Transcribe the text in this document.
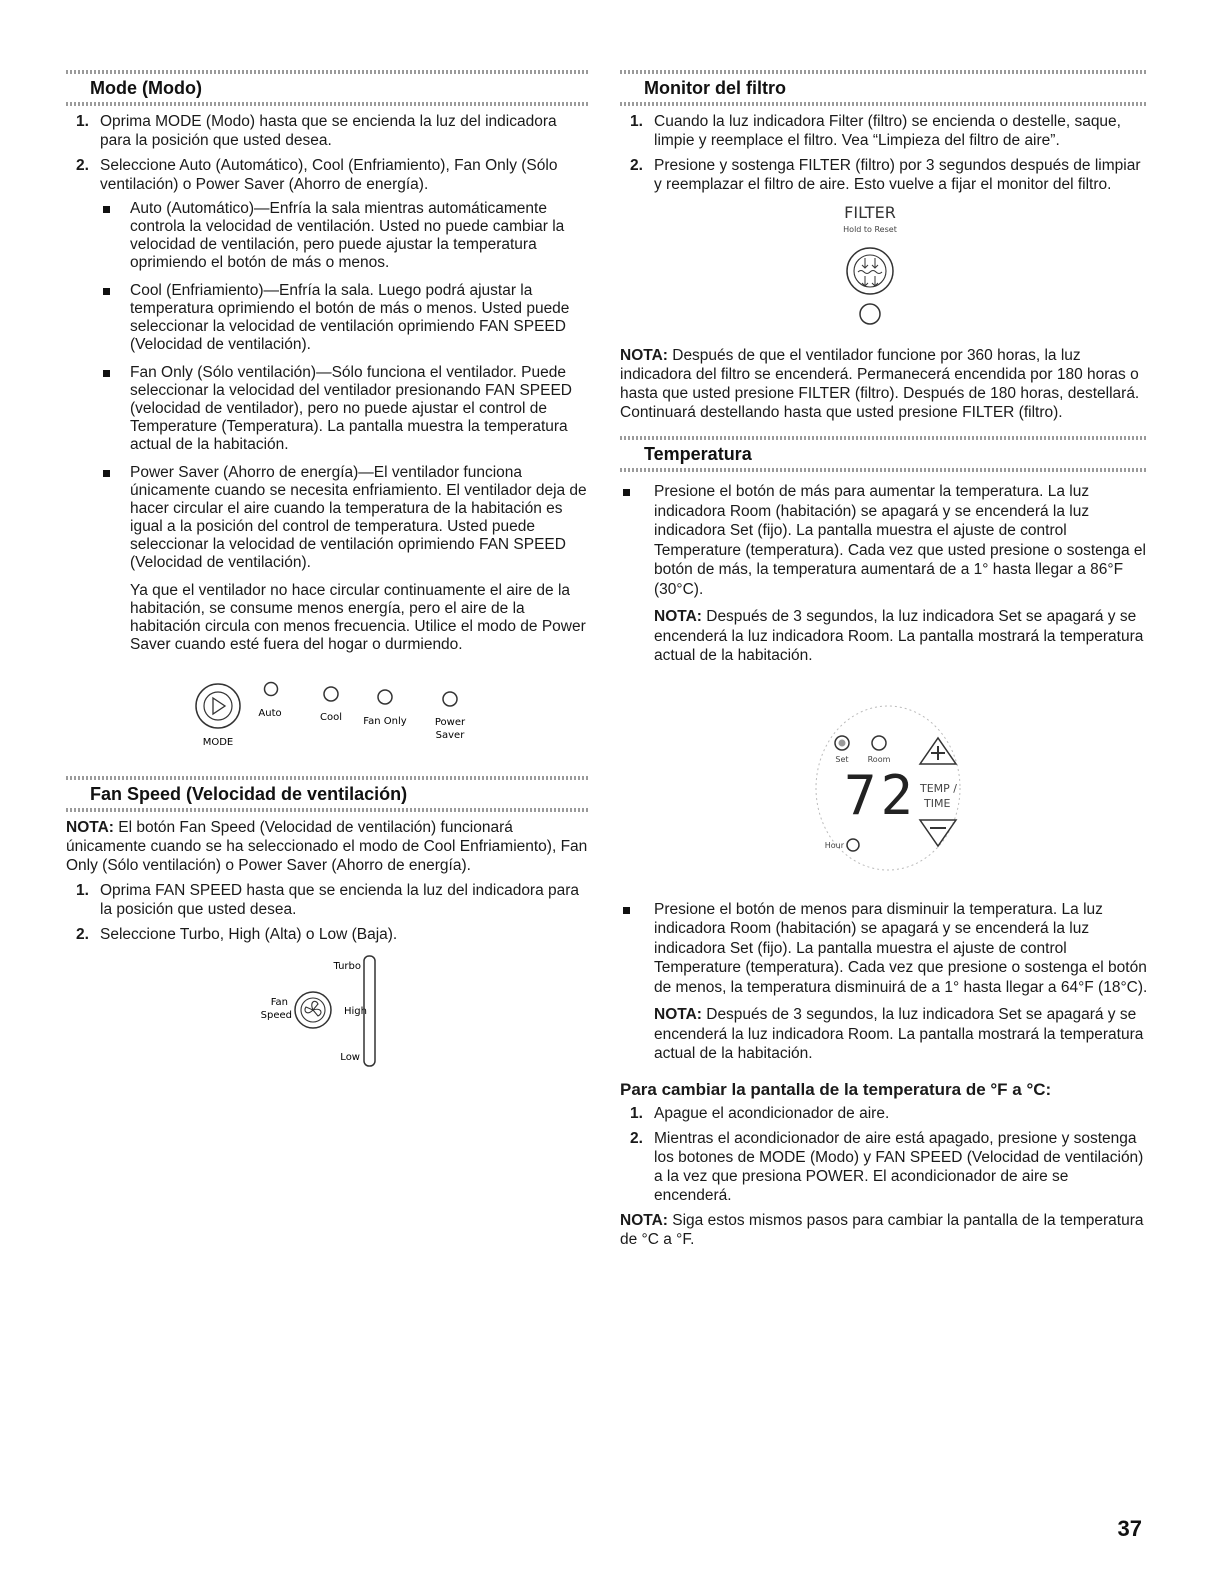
Mode (Modo)
1. Oprima MODE (Modo) hasta que se encienda la luz del indicadora para la posición que usted desea.
2. Seleccione Auto (Automático), Cool (Enfriamiento), Fan Only (Sólo ventilación) o Power Saver (Ahorro de energía).
Auto (Automático)—Enfría la sala mientras automáticamente controla la velocidad de ventilación. Usted no puede cambiar la velocidad de ventilación, pero puede ajustar la temperatura oprimiendo el botón de más o menos.
Cool (Enfriamiento)—Enfría la sala. Luego podrá ajustar la temperatura oprimiendo el botón de más o menos. Usted puede seleccionar la velocidad de ventilación oprimiendo FAN SPEED (Velocidad de ventilación).
Fan Only (Sólo ventilación)—Sólo funciona el ventilador. Puede seleccionar la velocidad del ventilador presionando FAN SPEED (velocidad de ventilador), pero no puede ajustar el control de Temperature (Temperatura). La pantalla muestra la temperatura actual de la habitación.
Power Saver (Ahorro de energía)—El ventilador funciona únicamente cuando se necesita enfriamiento. El ventilador deja de hacer circular el aire cuando la temperatura de la habitación es igual a la posición del control de temperatura. Usted puede seleccionar la velocidad de ventilación oprimiendo FAN SPEED (Velocidad de ventilación).
Ya que el ventilador no hace circular continuamente el aire de la habitación, se consume menos energía, pero el aire de la habitación circula con menos frecuencia. Utilice el modo de Power Saver cuando esté fuera del hogar o durmiendo.
MODE
Auto	Cool Fan Only	Power
Saver
Fan Speed (Velocidad de ventilación)
NOTA: El botón Fan Speed (Velocidad de ventilación) funcionará únicamente cuando se ha seleccionado el modo de Cool Enfriamiento), Fan Only (Sólo ventilación) o Power Saver (Ahorro de energía).
1. Oprima FAN SPEED hasta que se encienda la luz del indicadora para la posición que usted desea.
2. Seleccione Turbo, High (Alta) o Low (Baja).
Fan
Speed
Turbo
High
Low
Monitor del filtro
1. Cuando la luz indicadora Filter (filtro) se encienda o destelle, saque, limpie y reemplace el filtro. Vea “Limpieza del filtro de aire”.
2. Presione y sostenga FILTER (filtro) por 3 segundos después de limpiar y reemplazar el filtro de aire. Esto vuelve a fijar el monitor del filtro.
FILTER
Hold to Reset
NOTA: Después de que el ventilador funcione por 360 horas, la luz indicadora del filtro se encenderá. Permanecerá encendida por 180 horas o hasta que usted presione FILTER (filtro). Después de 180 horas, destellará. Continuará destellando hasta que usted presione FILTER (filtro).
Temperatura
Presione el botón de más para aumentar la temperatura. La luz indicadora Room (habitación) se apagará y se encenderá la luz indicadora Set (fijo). La pantalla muestra el ajuste de control Temperature (temperatura). Cada vez que usted presione o sostenga el botón de más, la temperatura aumentará de a 1° hasta llegar a 86°F (30°C).
NOTA: Después de 3 segundos, la luz indicadora Set se apagará y se encenderá la luz indicadora Room. La pantalla mostrará la temperatura actual de la habitación.
Set Room
72 TEMP /
TIME
Hour
Presione el botón de menos para disminuir la temperatura. La luz indicadora Room (habitación) se apagará y se encenderá la luz indicadora Set (fijo). La pantalla muestra el ajuste de control Temperature (temperatura). Cada vez que presione o sostenga el botón de menos, la temperatura disminuirá de a 1° hasta llegar a 64°F (18°C).
NOTA: Después de 3 segundos, la luz indicadora Set se apagará y se encenderá la luz indicadora Room. La pantalla mostrará la temperatura actual de la habitación.
Para cambiar la pantalla de la temperatura de °F a °C:
1. Apague el acondicionador de aire.
2. Mientras el acondicionador de aire está apagado, presione y sostenga los botones de MODE (Modo) y FAN SPEED (Velocidad de ventilación) a la vez que presiona POWER. El acondicionador de aire se encenderá.
NOTA: Siga estos mismos pasos para cambiar la pantalla de la temperatura de °C a °F.
37
